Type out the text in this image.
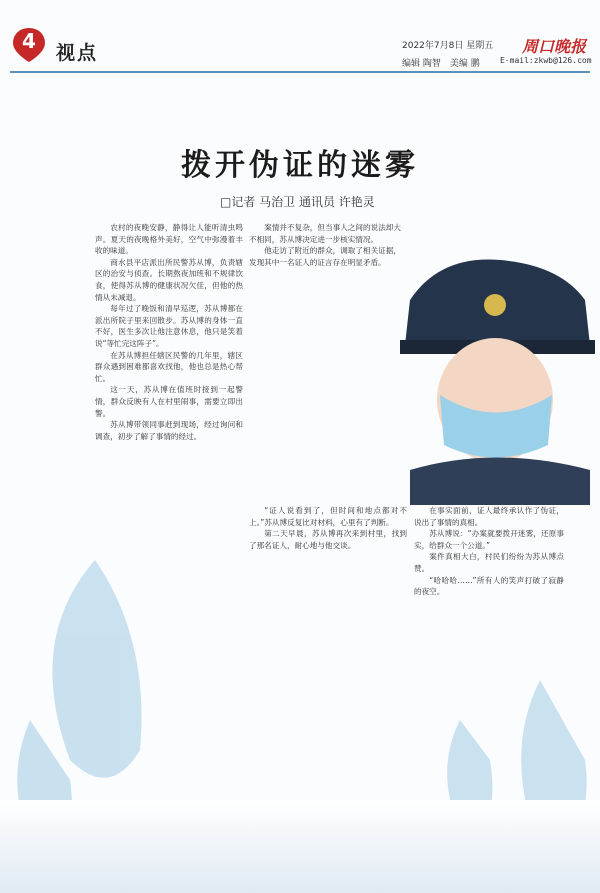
4	视点	2022年7月8日 星期五
编辑 陶智　美编 鹏
周口晚报
E-mail:zkwb@126.com
拨开伪证的迷雾
□记者 马治卫 通讯员 许艳灵

农村的夜晚安静，静得让人能听清虫鸣声。夏天的夜晚格外美好，空气中弥漫着丰收的味道。

商水县平店派出所民警苏从博，负责辖区的治安与侦查。长期熬夜加班和不规律饮食，使得苏从博的健康状况欠佳，但他的热情从未减退。

每年过了晚饭和清早巡逻，苏从博都在派出所院子里来回散步。苏从博的身体一直不好，医生多次让他注意休息，他只是笑着说“等忙完这阵子”。

在苏从博担任辖区民警的几年里，辖区群众遇到困难都喜欢找他，他也总是热心帮忙。

这一天，苏从博在值班时接到一起警情，群众反映有人在村里闹事，需要立即出警。

苏从博带领同事赶到现场，经过询问和调查，初步了解了事情的经过。

案情并不复杂，但当事人之间的说法却大不相同，苏从博决定进一步核实情况。

他走访了附近的群众，调取了相关证据，发现其中一名证人的证言存在明显矛盾。

“证人说看到了，但时间和地点都对不上。”苏从博反复比对材料，心里有了判断。

第二天早晨，苏从博再次来到村里，找到了那名证人，耐心地与他交谈。

在事实面前，证人最终承认作了伪证，说出了事情的真相。

苏从博说：“办案就要拨开迷雾，还原事实，给群众一个公道。”

案件真相大白，村民们纷纷为苏从博点赞。

“哈哈哈……”所有人的笑声打破了寂静的夜空。
